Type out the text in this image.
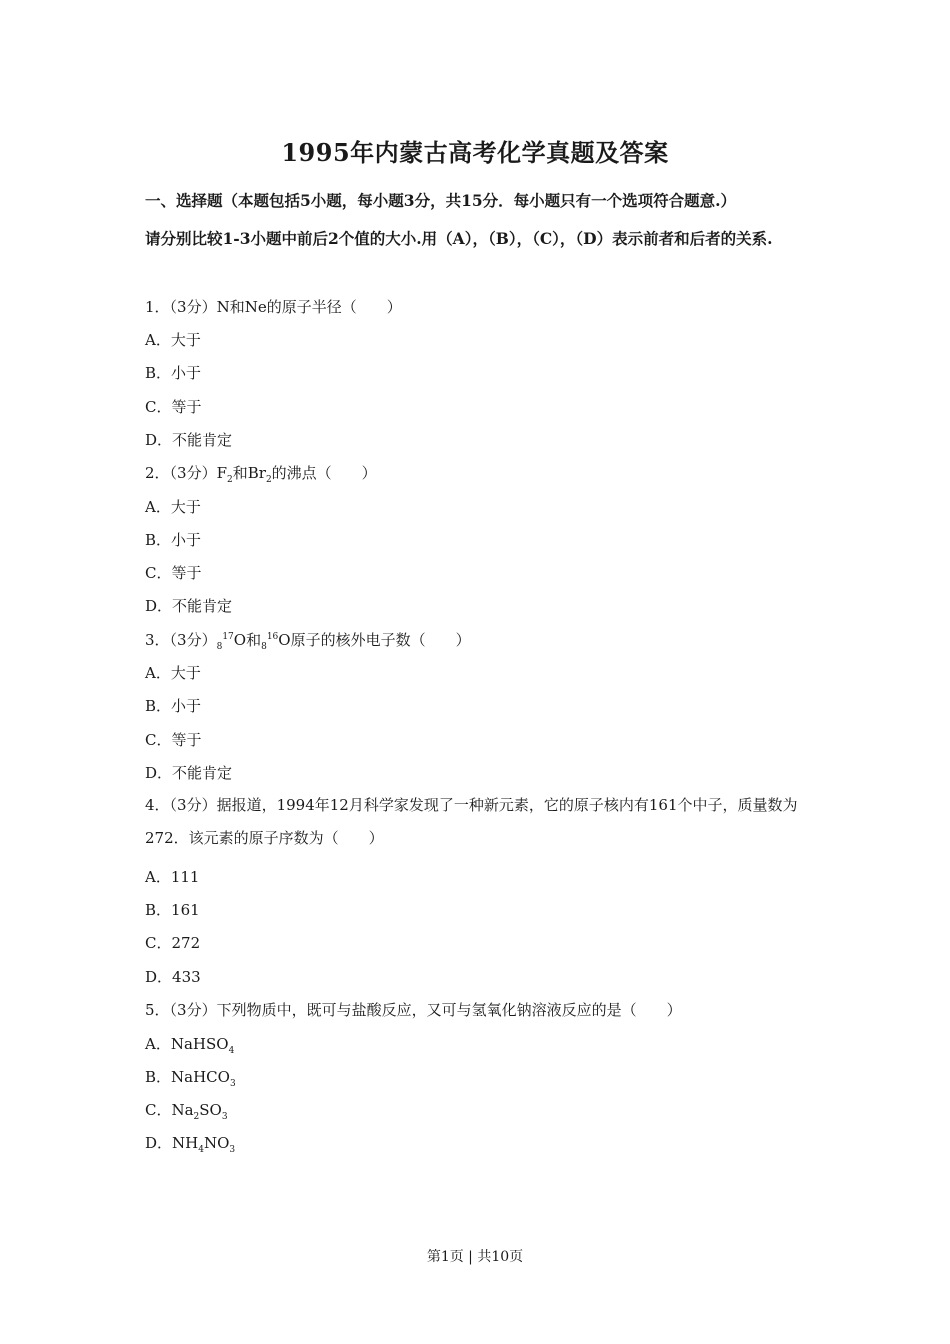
1995年内蒙古高考化学真题及答案
一、选择题（本题包括5小题，每小题3分，共15分．每小题只有一个选项符合题意.）
请分别比较1-3小题中前后2个值的大小.用（A），（B），（C），（D）表示前者和后者的关系.
1．（3分）N和Ne的原子半径（　　）
A．大于
B．小于
C．等于
D．不能肯定
2．（3分）$F_2$和$Br_2$的沸点（　　）
A．大于
B．小于
C．等于
D．不能肯定
3．（3分）$_8^{17}O$和$_8^{16}$O原子的核外电子数（　　）
A．大于
B．小于
C．等于
D．不能肯定
4．（3分）据报道，1994年12月科学家发现了一种新元素，它的原子核内有161个中子，质量数为272．该元素的原子序数为（　　）
A．111
B．161
C．272
D．433
5．（3分）下列物质中，既可与盐酸反应，又可与氢氧化钠溶液反应的是（　　）
A．NaHSO$_4$
B．NaHCO$_3$
C．$Na_2SO_3$
D．$NH_4NO_3$
第1页 | 共10页
